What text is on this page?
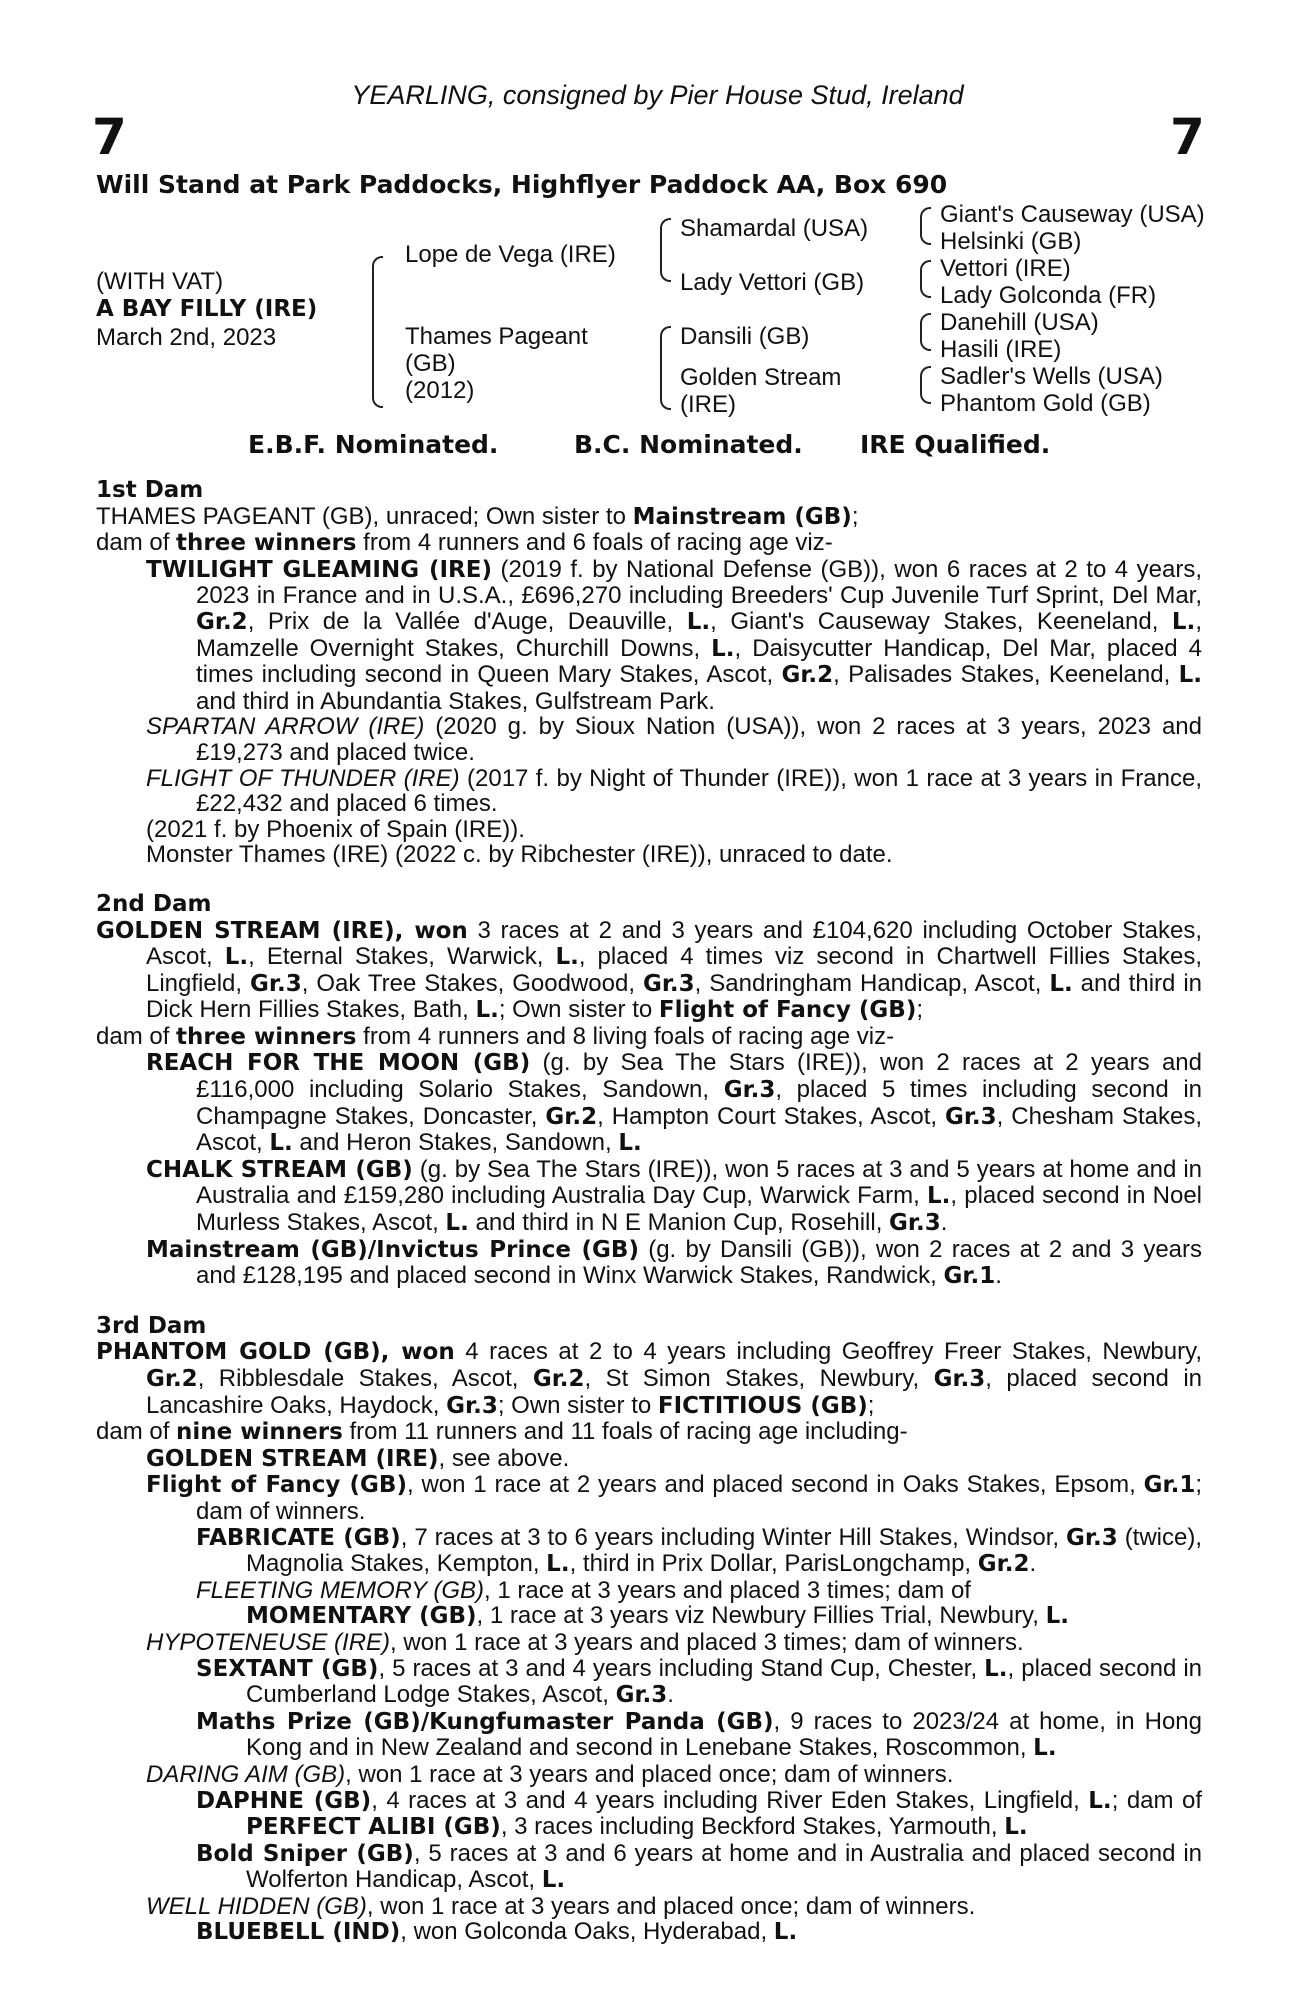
YEARLING, consigned by Pier House Stud, Ireland
7	7
Will Stand at Park Paddocks, Highflyer Paddock AA, Box 690
(WITH VAT)
A BAY FILLY (IRE)
March 2nd, 2023
Lope de Vega (IRE)
Thames Pageant
(GB)
(2012)
Shamardal (USA)
Lady Vettori (GB)
Dansili (GB)
Golden Stream
(IRE)
Giant's Causeway (USA)
Helsinki (GB)
Vettori (IRE)
Lady Golconda (FR)
Danehill (USA)
Hasili (IRE)
Sadler's Wells (USA)
Phantom Gold (GB)
E.B.F. Nominated.	B.C. Nominated. IRE Qualified.

1st Dam

THAMES PAGEANT (GB), unraced; Own sister to Mainstream (GB);

dam of three winners from 4 runners and 6 foals of racing age viz-

TWILIGHT GLEAMING (IRE) (2019 f. by National Defense (GB)), won 6 races at 2 to 4 years, 2023 in France and in U.S.A., £696,270 including Breeders' Cup Juvenile Turf Sprint, Del Mar, Gr.2, Prix de la Vallée d'Auge, Deauville, L., Giant's Causeway Stakes, Keeneland, L., Mamzelle Overnight Stakes, Churchill Downs, L., Daisycutter Handicap, Del Mar, placed 4 times including second in Queen Mary Stakes, Ascot, Gr.2, Palisades Stakes, Keeneland, L. and third in Abundantia Stakes, Gulfstream Park.

SPARTAN ARROW (IRE) (2020 g. by Sioux Nation (USA)), won 2 races at 3 years, 2023 and £19,273 and placed twice.

FLIGHT OF THUNDER (IRE) (2017 f. by Night of Thunder (IRE)), won 1 race at 3 years in France, £22,432 and placed 6 times.

(2021 f. by Phoenix of Spain (IRE)).

Monster Thames (IRE) (2022 c. by Ribchester (IRE)), unraced to date.

2nd Dam

GOLDEN STREAM (IRE), won 3 races at 2 and 3 years and £104,620 including October Stakes, Ascot, L., Eternal Stakes, Warwick, L., placed 4 times viz second in Chartwell Fillies Stakes, Lingfield, Gr.3, Oak Tree Stakes, Goodwood, Gr.3, Sandringham Handicap, Ascot, L. and third in Dick Hern Fillies Stakes, Bath, L.; Own sister to Flight of Fancy (GB);

dam of three winners from 4 runners and 8 living foals of racing age viz-

REACH FOR THE MOON (GB) (g. by Sea The Stars (IRE)), won 2 races at 2 years and £116,000 including Solario Stakes, Sandown, Gr.3, placed 5 times including second in Champagne Stakes, Doncaster, Gr.2, Hampton Court Stakes, Ascot, Gr.3, Chesham Stakes, Ascot, L. and Heron Stakes, Sandown, L.

CHALK STREAM (GB) (g. by Sea The Stars (IRE)), won 5 races at 3 and 5 years at home and in Australia and £159,280 including Australia Day Cup, Warwick Farm, L., placed second in Noel Murless Stakes, Ascot, L. and third in N E Manion Cup, Rosehill, Gr.3.

Mainstream (GB)/Invictus Prince (GB) (g. by Dansili (GB)), won 2 races at 2 and 3 years and £128,195 and placed second in Winx Warwick Stakes, Randwick, Gr.1.

3rd Dam

PHANTOM GOLD (GB), won 4 races at 2 to 4 years including Geoffrey Freer Stakes, Newbury, Gr.2, Ribblesdale Stakes, Ascot, Gr.2, St Simon Stakes, Newbury, Gr.3, placed second in Lancashire Oaks, Haydock, Gr.3; Own sister to FICTITIOUS (GB);

dam of nine winners from 11 runners and 11 foals of racing age including-

GOLDEN STREAM (IRE), see above.

Flight of Fancy (GB), won 1 race at 2 years and placed second in Oaks Stakes, Epsom, Gr.1; dam of winners.

FABRICATE (GB), 7 races at 3 to 6 years including Winter Hill Stakes, Windsor, Gr.3 (twice), Magnolia Stakes, Kempton, L., third in Prix Dollar, ParisLongchamp, Gr.2.

FLEETING MEMORY (GB), 1 race at 3 years and placed 3 times; dam of

MOMENTARY (GB), 1 race at 3 years viz Newbury Fillies Trial, Newbury, L.

HYPOTENEUSE (IRE), won 1 race at 3 years and placed 3 times; dam of winners.

SEXTANT (GB), 5 races at 3 and 4 years including Stand Cup, Chester, L., placed second in Cumberland Lodge Stakes, Ascot, Gr.3.

Maths Prize (GB)/Kungfumaster Panda (GB), 9 races to 2023/24 at home, in Hong Kong and in New Zealand and second in Lenebane Stakes, Roscommon, L.

DARING AIM (GB), won 1 race at 3 years and placed once; dam of winners.

DAPHNE (GB), 4 races at 3 and 4 years including River Eden Stakes, Lingfield, L.; dam of PERFECT ALIBI (GB), 3 races including Beckford Stakes, Yarmouth, L.

Bold Sniper (GB), 5 races at 3 and 6 years at home and in Australia and placed second in Wolferton Handicap, Ascot, L.

WELL HIDDEN (GB), won 1 race at 3 years and placed once; dam of winners.

BLUEBELL (IND), won Golconda Oaks, Hyderabad, L.
